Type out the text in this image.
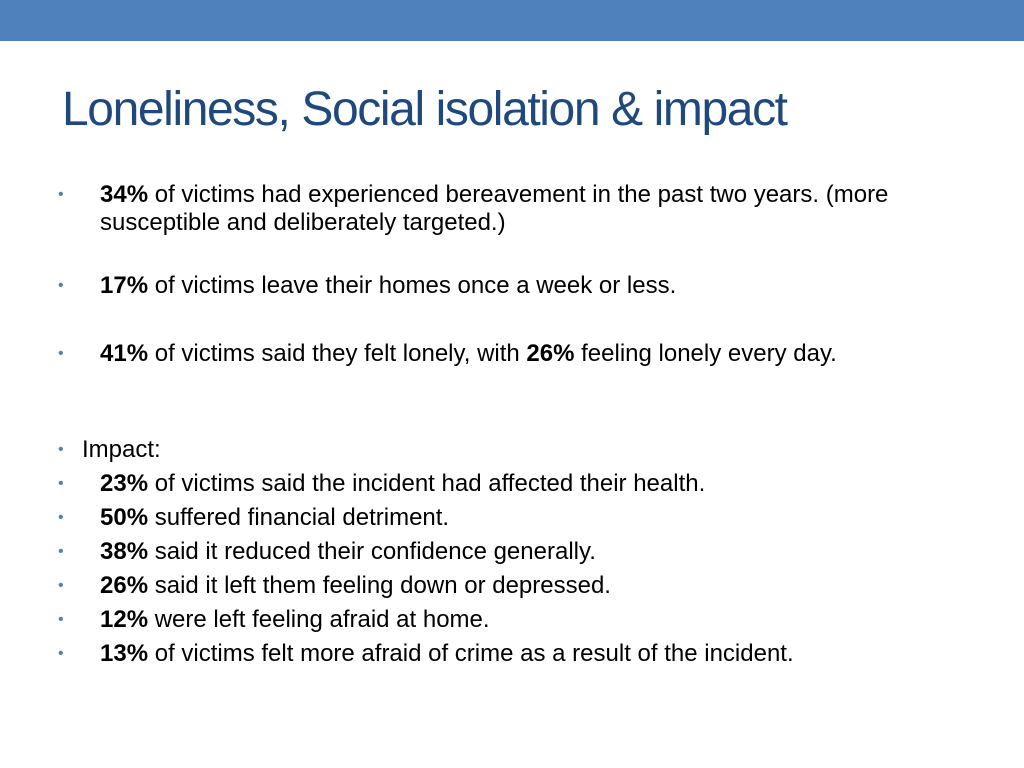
Loneliness, Social isolation & impact
• 34% of victims had experienced bereavement in the past two years. (more susceptible and deliberately targeted.)
• 17% of victims leave their homes once a week or less.
• 41% of victims said they felt lonely, with 26% feeling lonely every day.
• Impact:
• 23% of victims said the incident had affected their health.
• 50% suffered financial detriment.
• 38% said it reduced their confidence generally.
• 26% said it left them feeling down or depressed.
• 12% were left feeling afraid at home.
• 13% of victims felt more afraid of crime as a result of the incident.
